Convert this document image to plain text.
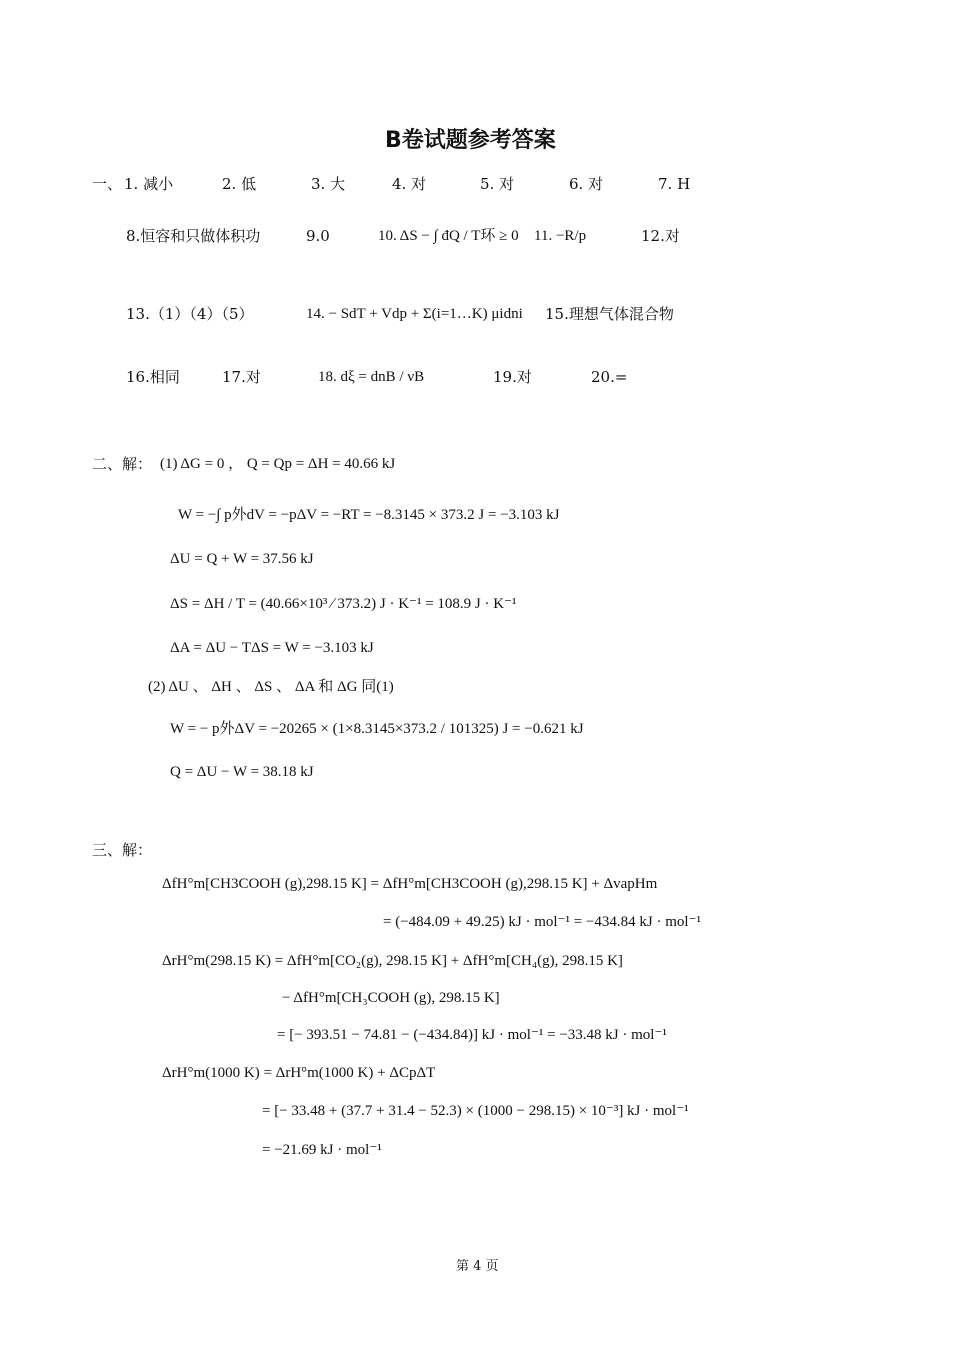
B卷试题参考答案
一、 1. 减小	2. 低	3. 大	4. 对	5. 对	6. 对	7. H
8.恒容和只做体积功	9.0	10. ΔS − ∫ đQ / T环 ≥ 0 11. −R/p	12.对
13.（1）（4）（5）	14. − SdT + Vdp + Σ(i=1…K) μidni 15.理想气体混合物
16.相同	17.对	18. dξ = dnB / νB	19.对	20.=
二、解： (1) ΔG = 0 ， Q = Qp = ΔH = 40.66 kJ
W = −∫ p外dV = −pΔV = −RT = −8.3145 × 373.2 J = −3.103 kJ
ΔU = Q + W = 37.56 kJ
ΔS = ΔH / T = (40.66×10³ ∕ 373.2) J · K⁻¹ = 108.9 J · K⁻¹
ΔA = ΔU − TΔS = W = −3.103 kJ
(2) ΔU 、 ΔH 、 ΔS 、 ΔA 和 ΔG 同(1)
W = − p外ΔV = −20265 × (1×8.3145×373.2 / 101325) J = −0.621 kJ
Q = ΔU − W = 38.18 kJ
三、解：
ΔfH°m[CH3COOH (g),298.15 K] = ΔfH°m[CH3COOH (g),298.15 K] + ΔvapHm
= (−484.09 + 49.25) kJ · mol⁻¹ = −434.84 kJ · mol⁻¹
ΔrH°m(298.15 K) = ΔfH°m[CO₂(g), 298.15 K] + ΔfH°m[CH₄(g), 298.15 K]
− ΔfH°m[CH₃COOH (g), 298.15 K]
= [− 393.51 − 74.81 − (−434.84)] kJ · mol⁻¹ = −33.48 kJ · mol⁻¹
ΔrH°m(1000 K) = ΔrH°m(1000 K) + ΔCpΔT
= [− 33.48 + (37.7 + 31.4 − 52.3) × (1000 − 298.15) × 10⁻³] kJ · mol⁻¹
= −21.69 kJ · mol⁻¹
第 4 页
